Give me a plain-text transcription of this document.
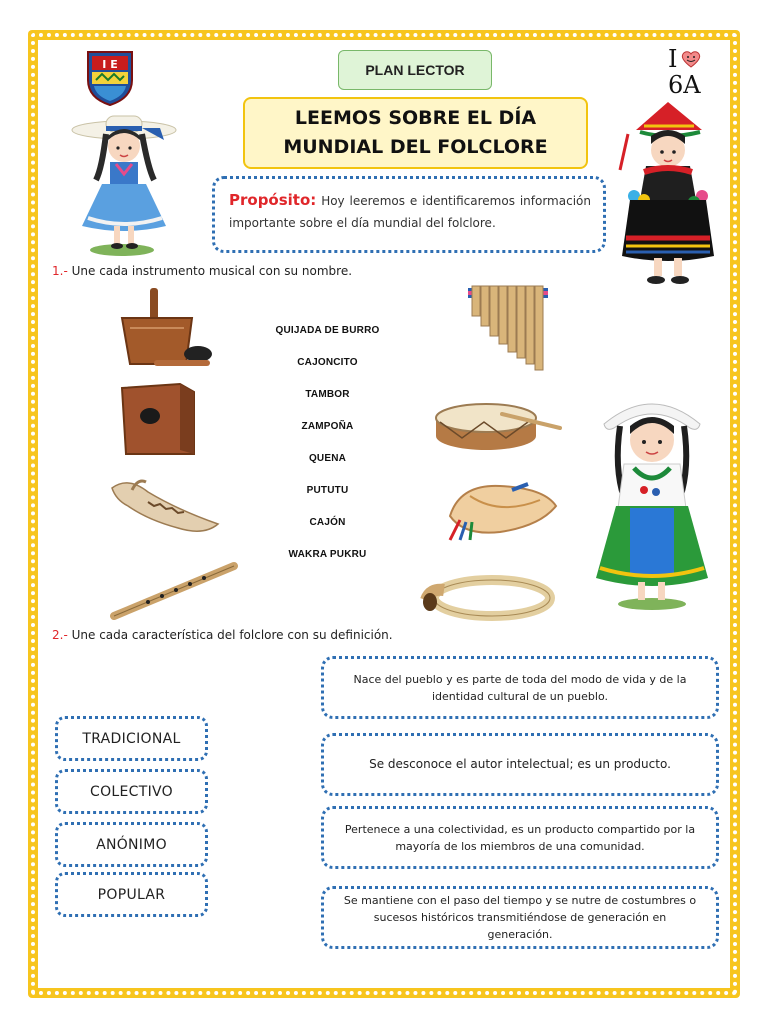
I E	PLAN LECTOR	I
6A
LEEMOS SOBRE EL DÍA
MUNDIAL DEL FOLCLORE
Propósito: Hoy leeremos e identificaremos información importante sobre el día mundial del folclore.
1.- Une cada instrumento musical con su nombre.
QUIJADA DE BURRO
CAJONCITO
TAMBOR
ZAMPOÑA
QUENA
PUTUTU
CAJÓN
WAKRA PUKRU
2.- Une cada característica del folclore con su definición.
TRADICIONAL
COLECTIVO
ANÓNIMO
POPULAR
Nace del pueblo y es parte de toda del modo de vida y de la identidad cultural de un pueblo.
Se desconoce el autor intelectual; es un producto.
Pertenece a una colectividad, es un producto compartido por la mayoría de los miembros de una comunidad.
Se mantiene con el paso del tiempo y se nutre de costumbres o sucesos históricos transmitiéndose de generación en generación.
